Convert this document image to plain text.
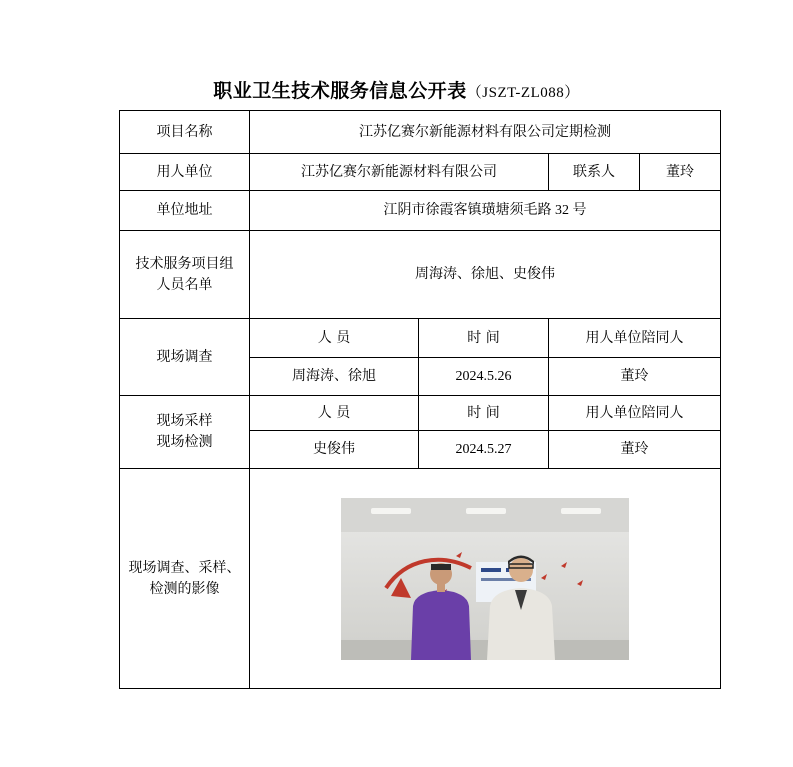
职业卫生技术服务信息公开表（JSZT-ZL088）
项目名称	江苏亿赛尔新能源材料有限公司定期检测			
用人单位	江苏亿赛尔新能源材料有限公司		联系人	董玲
单位地址	江阴市徐霞客镇璜塘须毛路 32 号			

技术服务项目组
人员名单	周海涛、徐旭、史俊伟			
现场调查	人 员	时 间	用人单位陪同人	
	周海涛、徐旭	2024.5.26	董玲	

现场采样
现场检测	人 员	时 间	用人单位陪同人	
	史俊伟	2024.5.27	董玲	

现场调查、采样、
检测的影像
